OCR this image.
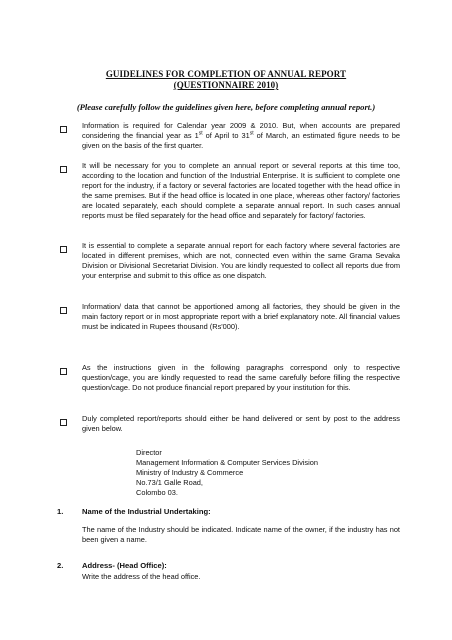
GUIDELINES FOR COMPLETION OF ANNUAL REPORT
(QUESTIONNAIRE 2010)
(Please carefully follow the guidelines given here, before completing annual report.)

Information is required for Calendar year 2009 & 2010. But, when accounts are prepared considering the financial year as 1st of April to 31st of March, an estimated figure needs to be given on the basis of the first quarter.

It will be necessary for you to complete an annual report or several reports at this time too, according to the location and function of the Industrial Enterprise. It is sufficient to complete one report for the industry, if a factory or several factories are located together with the head office in the same premises. But if the head office is located in one place, whereas other factory/ factories are located separately, each should complete a separate annual report. In such cases annual reports must be filed separately for the head office and separately for factory/ factories.

It is essential to complete a separate annual report for each factory where several factories are located in different premises, which are not, connected even within the same Grama Sevaka Division or Divisional Secretariat Division. You are kindly requested to collect all reports due from your enterprise and submit to this office as one dispatch.

Information/ data that cannot be apportioned among all factories, they should be given in the main factory report or in most appropriate report with a brief explanatory note. All financial values must be indicated in Rupees thousand (Rs'000).

As the instructions given in the following paragraphs correspond only to respective question/cage, you are kindly requested to read the same carefully before filling the respective question/cage. Do not produce financial report prepared by your institution for this.

Duly completed report/reports should either be hand delivered or sent by post to the address given below.

Director
Management Information & Computer Services Division
Ministry of Industry & Commerce
No.73/1 Galle Road,
Colombo 03.
1. Name of the Industrial Undertaking:
The name of the Industry should be indicated. Indicate name of the owner, if the industry has not been given a name.
2. Address- (Head Office):
Write the address of the head office.
